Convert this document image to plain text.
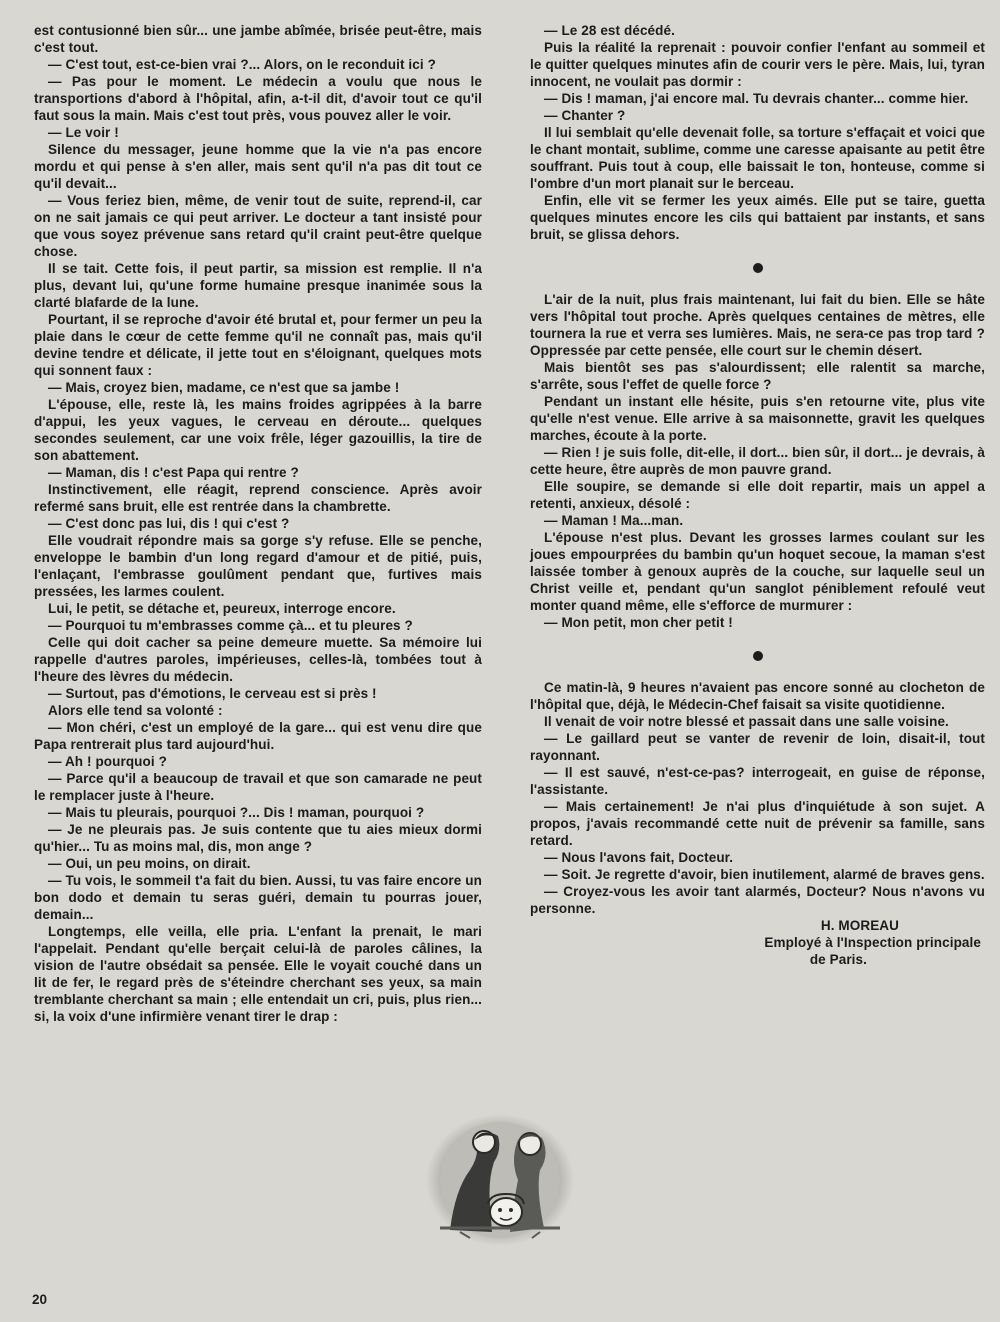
est contusionné bien sûr... une jambe abîmée, brisée peut-être, mais c'est tout.

— C'est tout, est-ce-bien vrai ?... Alors, on le reconduit ici ?

— Pas pour le moment. Le médecin a voulu que nous le transportions d'abord à l'hôpital, afin, a-t-il dit, d'avoir tout ce qu'il faut sous la main. Mais c'est tout près, vous pouvez aller le voir.

— Le voir !

Silence du messager, jeune homme que la vie n'a pas encore mordu et qui pense à s'en aller, mais sent qu'il n'a pas dit tout ce qu'il devait...

— Vous feriez bien, même, de venir tout de suite, reprend-il, car on ne sait jamais ce qui peut arriver. Le docteur a tant insisté pour que vous soyez prévenue sans retard qu'il craint peut-être quelque chose.

Il se tait. Cette fois, il peut partir, sa mission est remplie. Il n'a plus, devant lui, qu'une forme humaine presque inanimée sous la clarté blafarde de la lune.

Pourtant, il se reproche d'avoir été brutal et, pour fermer un peu la plaie dans le cœur de cette femme qu'il ne connaît pas, mais qu'il devine tendre et délicate, il jette tout en s'éloignant, quelques mots qui sonnent faux :

— Mais, croyez bien, madame, ce n'est que sa jambe !

L'épouse, elle, reste là, les mains froides agrippées à la barre d'appui, les yeux vagues, le cerveau en déroute... quelques secondes seulement, car une voix frêle, léger gazouillis, la tire de son abattement.

— Maman, dis ! c'est Papa qui rentre ?

Instinctivement, elle réagit, reprend conscience. Après avoir refermé sans bruit, elle est rentrée dans la chambrette.

— C'est donc pas lui, dis ! qui c'est ?

Elle voudrait répondre mais sa gorge s'y refuse. Elle se penche, enveloppe le bambin d'un long regard d'amour et de pitié, puis, l'enlaçant, l'embrasse goulûment pendant que, furtives mais pressées, les larmes coulent.

Lui, le petit, se détache et, peureux, interroge encore.

— Pourquoi tu m'embrasses comme çà... et tu pleures ?

Celle qui doit cacher sa peine demeure muette. Sa mémoire lui rappelle d'autres paroles, impérieuses, celles-là, tombées tout à l'heure des lèvres du médecin.

— Surtout, pas d'émotions, le cerveau est si près !

Alors elle tend sa volonté :

— Mon chéri, c'est un employé de la gare... qui est venu dire que Papa rentrerait plus tard aujourd'hui.

— Ah ! pourquoi ?

— Parce qu'il a beaucoup de travail et que son camarade ne peut le remplacer juste à l'heure.

— Mais tu pleurais, pourquoi ?... Dis ! maman, pourquoi ?

— Je ne pleurais pas. Je suis contente que tu aies mieux dormi qu'hier... Tu as moins mal, dis, mon ange ?

— Oui, un peu moins, on dirait.

— Tu vois, le sommeil t'a fait du bien. Aussi, tu vas faire encore un bon dodo et demain tu seras guéri, demain tu pourras jouer, demain...

Longtemps, elle veilla, elle pria. L'enfant la prenait, le mari l'appelait. Pendant qu'elle berçait celui-là de paroles câlines, la vision de l'autre obsédait sa pensée. Elle le voyait couché dans un lit de fer, le regard près de s'éteindre cherchant ses yeux, sa main tremblante cherchant sa main ; elle entendait un cri, puis, plus rien... si, la voix d'une infirmière venant tirer le drap :

— Le 28 est décédé.

Puis la réalité la reprenait : pouvoir confier l'enfant au sommeil et le quitter quelques minutes afin de courir vers le père. Mais, lui, tyran innocent, ne voulait pas dormir :

— Dis ! maman, j'ai encore mal. Tu devrais chanter... comme hier.

— Chanter ?

Il lui semblait qu'elle devenait folle, sa torture s'effaçait et voici que le chant montait, sublime, comme une caresse apaisante au petit être souffrant. Puis tout à coup, elle baissait le ton, honteuse, comme si l'ombre d'un mort planait sur le berceau.

Enfin, elle vit se fermer les yeux aimés. Elle put se taire, guetta quelques minutes encore les cils qui battaient par instants, et sans bruit, se glissa dehors.

L'air de la nuit, plus frais maintenant, lui fait du bien. Elle se hâte vers l'hôpital tout proche. Après quelques centaines de mètres, elle tournera la rue et verra ses lumières. Mais, ne sera-ce pas trop tard ? Oppressée par cette pensée, elle court sur le chemin désert.

Mais bientôt ses pas s'alourdissent; elle ralentit sa marche, s'arrête, sous l'effet de quelle force ?

Pendant un instant elle hésite, puis s'en retourne vite, plus vite qu'elle n'est venue. Elle arrive à sa maisonnette, gravit les quelques marches, écoute à la porte.

— Rien ! je suis folle, dit-elle, il dort... bien sûr, il dort... je devrais, à cette heure, être auprès de mon pauvre grand.

Elle soupire, se demande si elle doit repartir, mais un appel a retenti, anxieux, désolé :

— Maman ! Ma...man.

L'épouse n'est plus. Devant les grosses larmes coulant sur les joues empourprées du bambin qu'un hoquet secoue, la maman s'est laissée tomber à genoux auprès de la couche, sur laquelle seul un Christ veille et, pendant qu'un sanglot péniblement refoulé veut monter quand même, elle s'efforce de murmurer :

— Mon petit, mon cher petit !

Ce matin-là, 9 heures n'avaient pas encore sonné au clocheton de l'hôpital que, déjà, le Médecin-Chef faisait sa visite quotidienne.

Il venait de voir notre blessé et passait dans une salle voisine.

— Le gaillard peut se vanter de revenir de loin, disait-il, tout rayonnant.

— Il est sauvé, n'est-ce-pas? interrogeait, en guise de réponse, l'assistante.

— Mais certainement! Je n'ai plus d'inquiétude à son sujet. A propos, j'avais recommandé cette nuit de prévenir sa famille, sans retard.

— Nous l'avons fait, Docteur.

— Soit. Je regrette d'avoir, bien inutilement, alarmé de braves gens.

— Croyez-vous les avoir tant alarmés, Docteur? Nous n'avons vu personne.

H. MOREAU

Employé à l'Inspection principale

de Paris.

20
